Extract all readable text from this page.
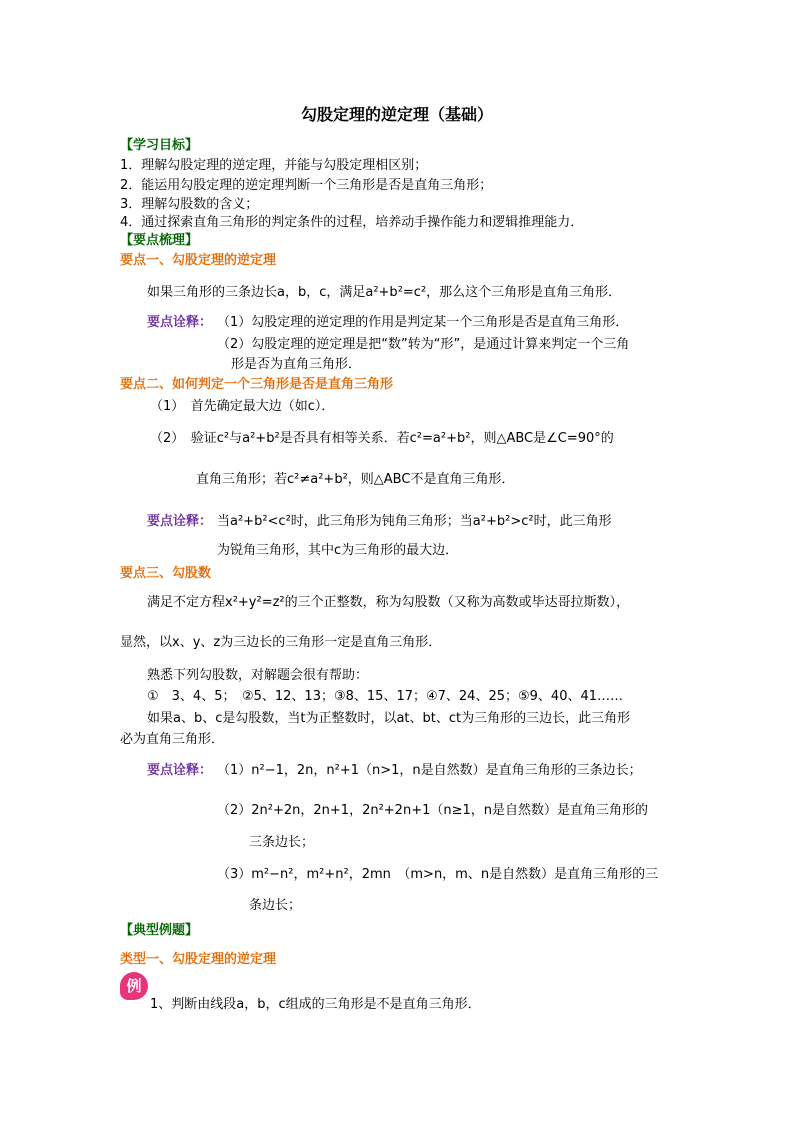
勾股定理的逆定理（基础）
【学习目标】
1．理解勾股定理的逆定理，并能与勾股定理相区别；
2．能运用勾股定理的逆定理判断一个三角形是否是直角三角形；
3．理解勾股数的含义；
4．通过探索直角三角形的判定条件的过程，培养动手操作能力和逻辑推理能力．
【要点梳理】
要点一、勾股定理的逆定理
如果三角形的三条边长a，b，c，满足a²+b²=c²，那么这个三角形是直角三角形．
要点诠释： （1）勾股定理的逆定理的作用是判定某一个三角形是否是直角三角形．
（2）勾股定理的逆定理是把“数”转为“形”，是通过计算来判定一个三角
形是否为直角三角形．
要点二、如何判定一个三角形是否是直角三角形
（1）　首先确定最大边（如c）．
（2）　验证c²与a²+b²是否具有相等关系．若c²=a²+b²，则△ABC是∠C=90°的
直角三角形；若c²≠a²+b²，则△ABC不是直角三角形．
要点诠释： 当a²+b²<c²时，此三角形为钝角三角形；当a²+b²>c²时，此三角形
为锐角三角形，其中c为三角形的最大边．
要点三、勾股数
满足不定方程x²+y²=z²的三个正整数，称为勾股数（又称为高数或毕达哥拉斯数），
显然，以x、y、z为三边长的三角形一定是直角三角形．
熟悉下列勾股数，对解题会很有帮助：
①　3、4、5；　②5、12、13；③8、15、17；④7、24、25；⑤9、40、41……
如果a、b、c是勾股数，当t为正整数时，以at、bt、ct为三角形的三边长，此三角形
必为直角三角形．
要点诠释： （1）n²−1，2n，n²+1（n>1，n是自然数）是直角三角形的三条边长；
（2）2n²+2n，2n+1，2n²+2n+1（n≥1，n是自然数）是直角三角形的
三条边长；
（3）m²−n²，m²+n²，2mn　（m>n，m、n是自然数）是直角三角形的三
条边长；
【典型例题】
类型一、勾股定理的逆定理
例
1、判断由线段a，b，c组成的三角形是不是直角三角形．
